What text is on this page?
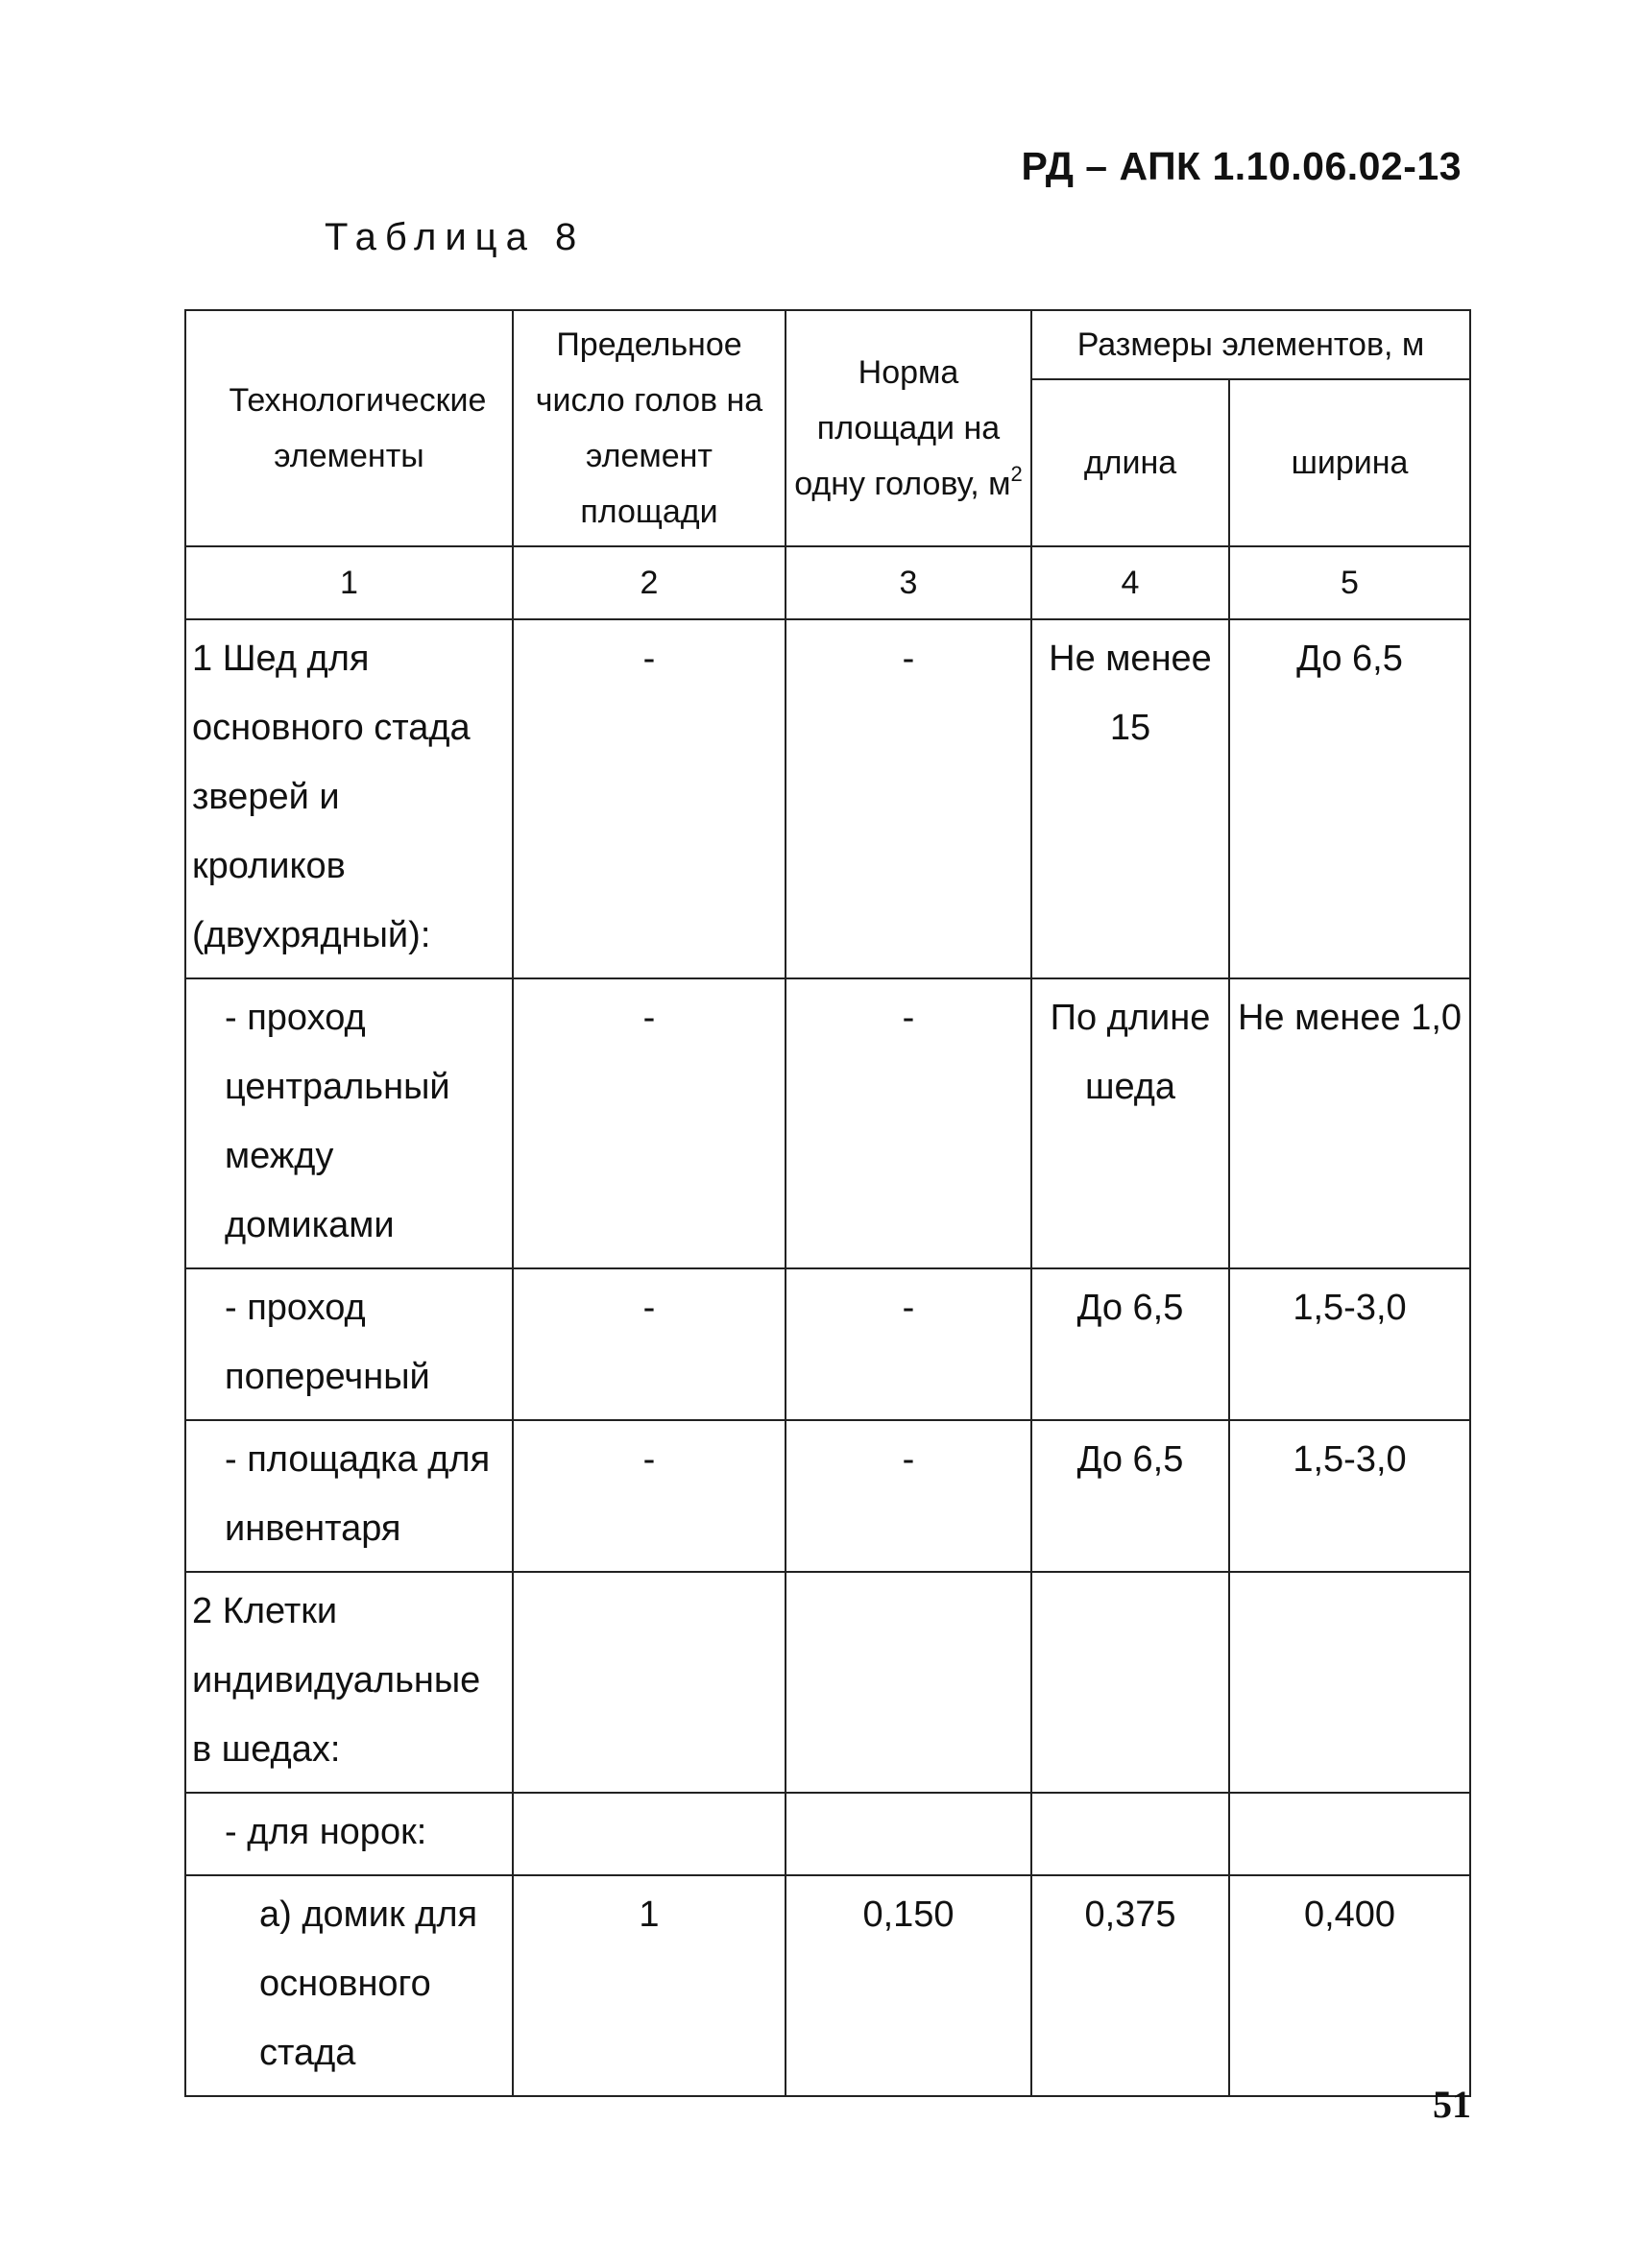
РД – АПК 1.10.06.02-13
Таблица 8
Технологические элементы	Предельное число голов на элемент площади	Норма площади на одну голову, $м^2$	Размеры элементов, м	
			длина	ширина
1	2	3	4	5

1 Шед для основного стада зверей и кроликов (двухрядный):	-	-	Не менее 15	До 6,5

- проход центральный между домиками	-	-	По длине шеда	Не менее 1,0

- проход поперечный	-	-	До 6,5	1,5-3,0

- площадка для инвентаря	-	-	До 6,5	1,5-3,0

2 Клетки индивидуальные в шедах:				

- для норок:				

а) домик для основного стада	1	0,150	0,375	0,400
51
